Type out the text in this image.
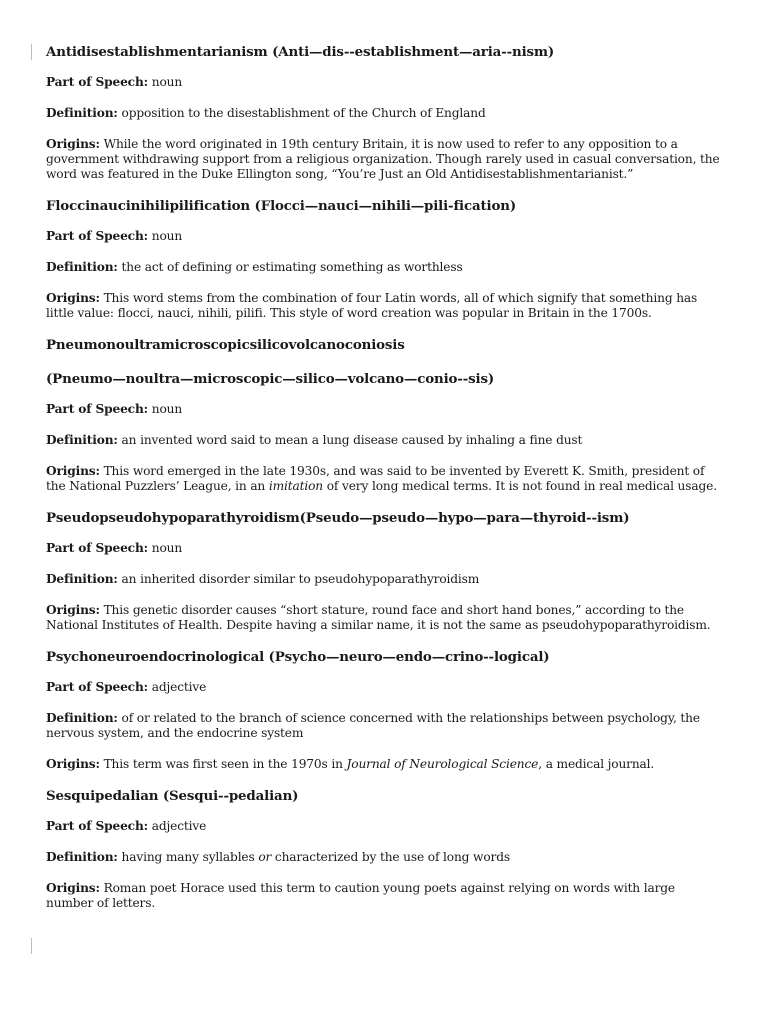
Antidisestablishmentarianism (Anti—dis--establishment—aria--nism)

Part of Speech: noun

Definition: opposition to the disestablishment of the Church of England

Origins: While the word originated in 19th century Britain, it is now used to refer to any opposition to a government withdrawing support from a religious organization. Though rarely used in casual conversation, the word was featured in the Duke Ellington song, “You’re Just an Old Antidisestablishmentarianist.”

Floccinaucinihilipilification (Flocci—nauci—nihili—pili-fication)

Part of Speech: noun

Definition: the act of defining or estimating something as worthless

Origins: This word stems from the combination of four Latin words, all of which signify that something has little value: flocci, nauci, nihili, pilifi. This style of word creation was popular in Britain in the 1700s.

Pneumonoultramicroscopicsilicovolcanoconiosis

(Pneumo—noultra—microscopic—silico—volcano—conio--sis)

Part of Speech: noun

Definition: an invented word said to mean a lung disease caused by inhaling a fine dust

Origins: This word emerged in the late 1930s, and was said to be invented by Everett K. Smith, president of the National Puzzlers’ League, in an imitation of very long medical terms. It is not found in real medical usage.

Pseudopseudohypoparathyroidism(Pseudo—pseudo—hypo—para—thyroid--ism)

Part of Speech: noun

Definition: an inherited disorder similar to pseudohypoparathyroidism

Origins: This genetic disorder causes “short stature, round face and short hand bones,” according to the National Institutes of Health. Despite having a similar name, it is not the same as pseudohypoparathyroidism.

Psychoneuroendocrinological (Psycho—neuro—endo—crino--logical)

Part of Speech: adjective

Definition: of or related to the branch of science concerned with the relationships between psychology, the nervous system, and the endocrine system

Origins: This term was first seen in the 1970s in Journal of Neurological Science, a medical journal.

Sesquipedalian (Sesqui--pedalian)

Part of Speech: adjective

Definition: having many syllables or characterized by the use of long words

Origins: Roman poet Horace used this term to caution young poets against relying on words with large number of letters.
